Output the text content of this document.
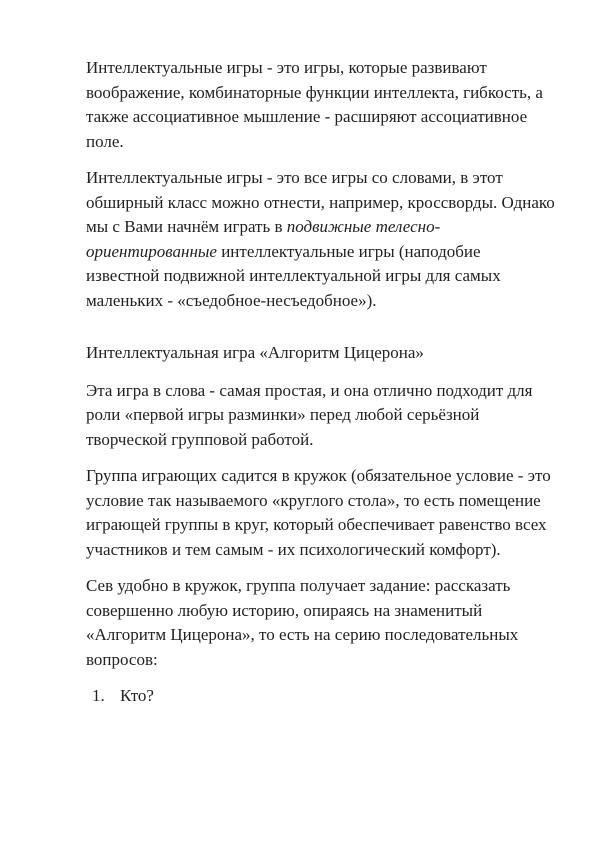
Интеллектуальные игры - это игры, которые развивают воображение, комбинаторные функции интеллекта, гибкость, а также ассоциативное мышление - расширяют ассоциативное поле.

Интеллектуальные игры - это все игры со словами, в этот обширный класс можно отнести, например, кроссворды. Однако мы с Вами начнём играть в подвижные телесно-ориентированные интеллектуальные игры (наподобие известной подвижной интеллектуальной игры для самых маленьких - «съедобное-несъедобное»).

Интеллектуальная игра «Алгоритм Цицерона»

Эта игра в слова - самая простая, и она отлично подходит для роли «первой игры разминки» перед любой серьёзной творческой групповой работой.

Группа играющих садится в кружок (обязательное условие - это условие так называемого «круглого стола», то есть помещение играющей группы в круг, который обеспечивает равенство всех участников и тем самым - их психологический комфорт).

Сев удобно в кружок, группа получает задание: рассказать совершенно любую историю, опираясь на знаменитый «Алгоритм Цицерона», то есть на серию последовательных вопросов:

1. Кто?
